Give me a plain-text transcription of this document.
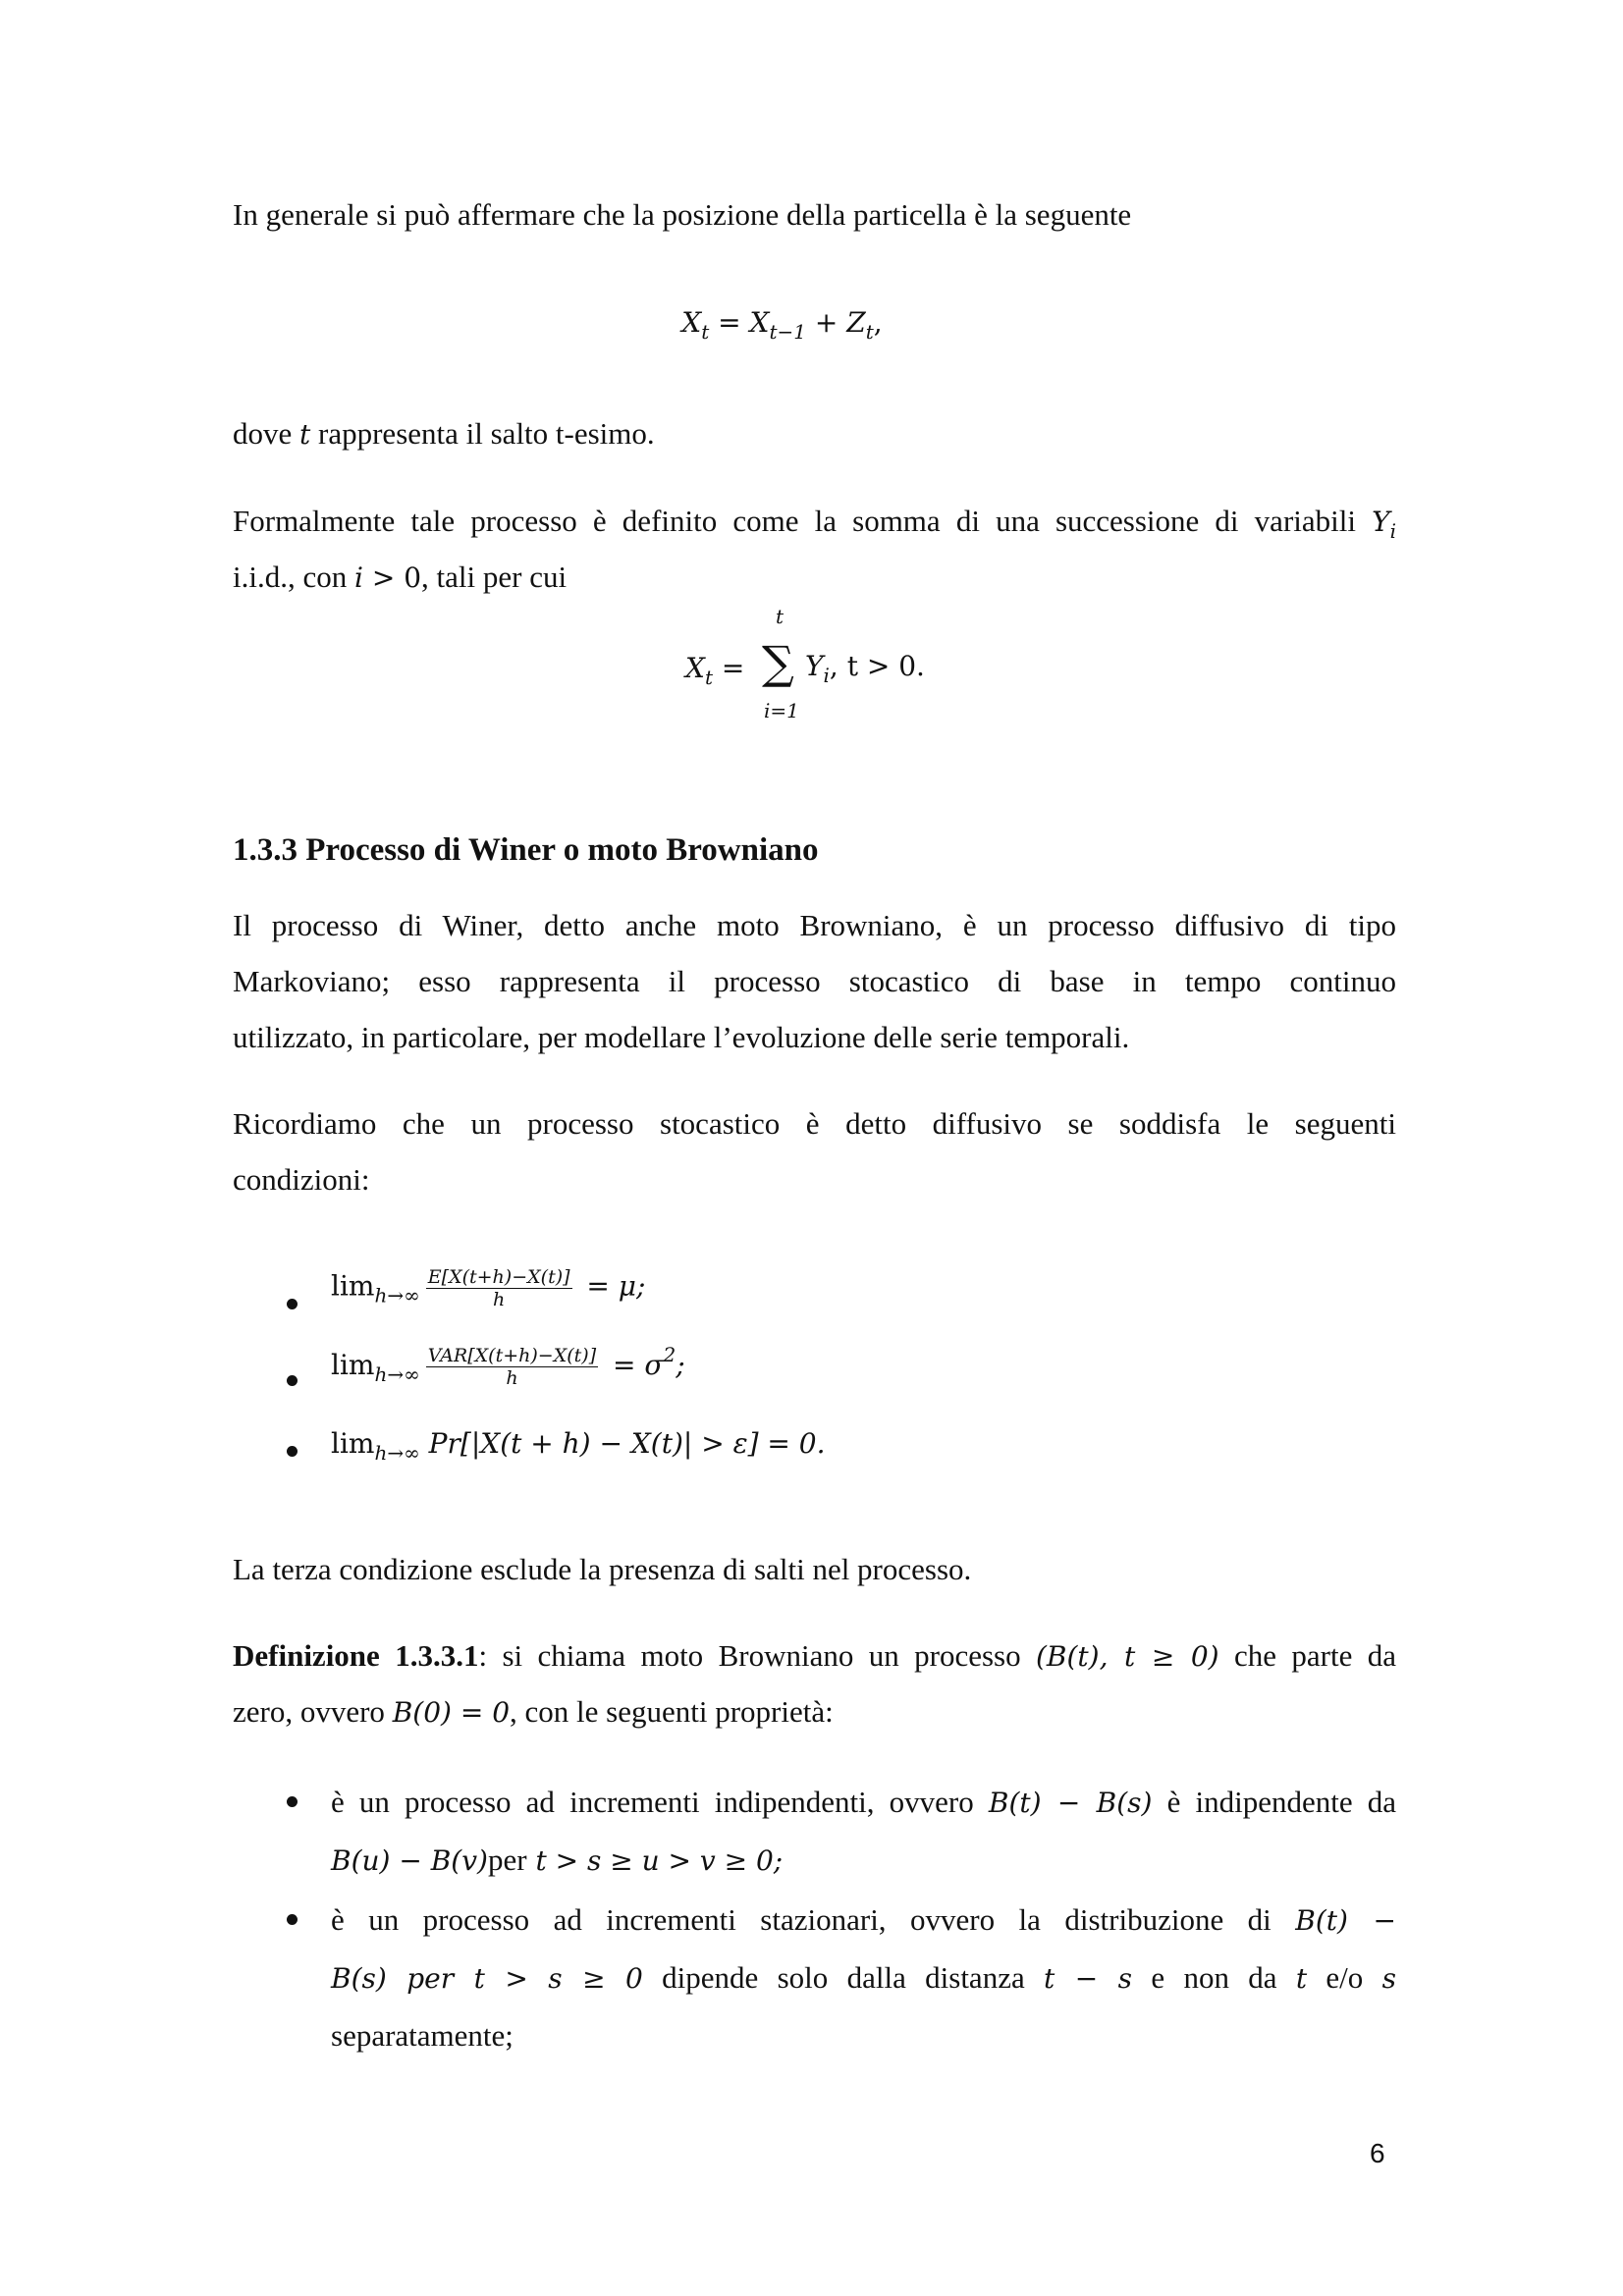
In generale si può affermare che la posizione della particella è la seguente
$X_t = X_{t-1} + Z_t$,
dove t rappresenta il salto t-esimo.
Formalmente tale processo è definito come la somma di una successione di variabili $Y_i$
i.i.d., con i > 0, tali per cui
t
$X_t$ = ∑ Yi, t > 0.
i=1
1.3.3 Processo di Winer o moto Browniano
Il processo di Winer, detto anche moto Browniano, è un processo diffusivo di tipo
Markoviano; esso rappresenta il processo stocastico di base in tempo continuo
utilizzato, in particolare, per modellare l’evoluzione delle serie temporali.
Ricordiamo che un processo stocastico è detto diffusivo se soddisfa le seguenti
condizioni:
$\lim_{h\to\infty} \frac{E[X(t+h)-X(t)]}{h} = \mu$;
$\lim_{h\to\infty} \frac{\text{VAR[X(t+h)−X(t)]}}{h} = \sigma^2$;
$\lim_{h\to\infty} Pr[|X(t + h) - X(t)| > \varepsilon] = 0$.
La terza condizione esclude la presenza di salti nel processo.
Definizione 1.3.3.1: si chiama moto Browniano un processo (B(t), t ≥ 0) che parte da
zero, ovvero B(0) = 0, con le seguenti proprietà:
è un processo ad incrementi indipendenti, ovvero B(t) − B(s) è indipendente da
B(u) − B(v)per t > s ≥ u > v ≥ 0;
è un processo ad incrementi stazionari, ovvero la distribuzione di B(t) −
B(s) per t > s ≥ 0 dipende solo dalla distanza t − s e non da t e/o s
separatamente;
6
